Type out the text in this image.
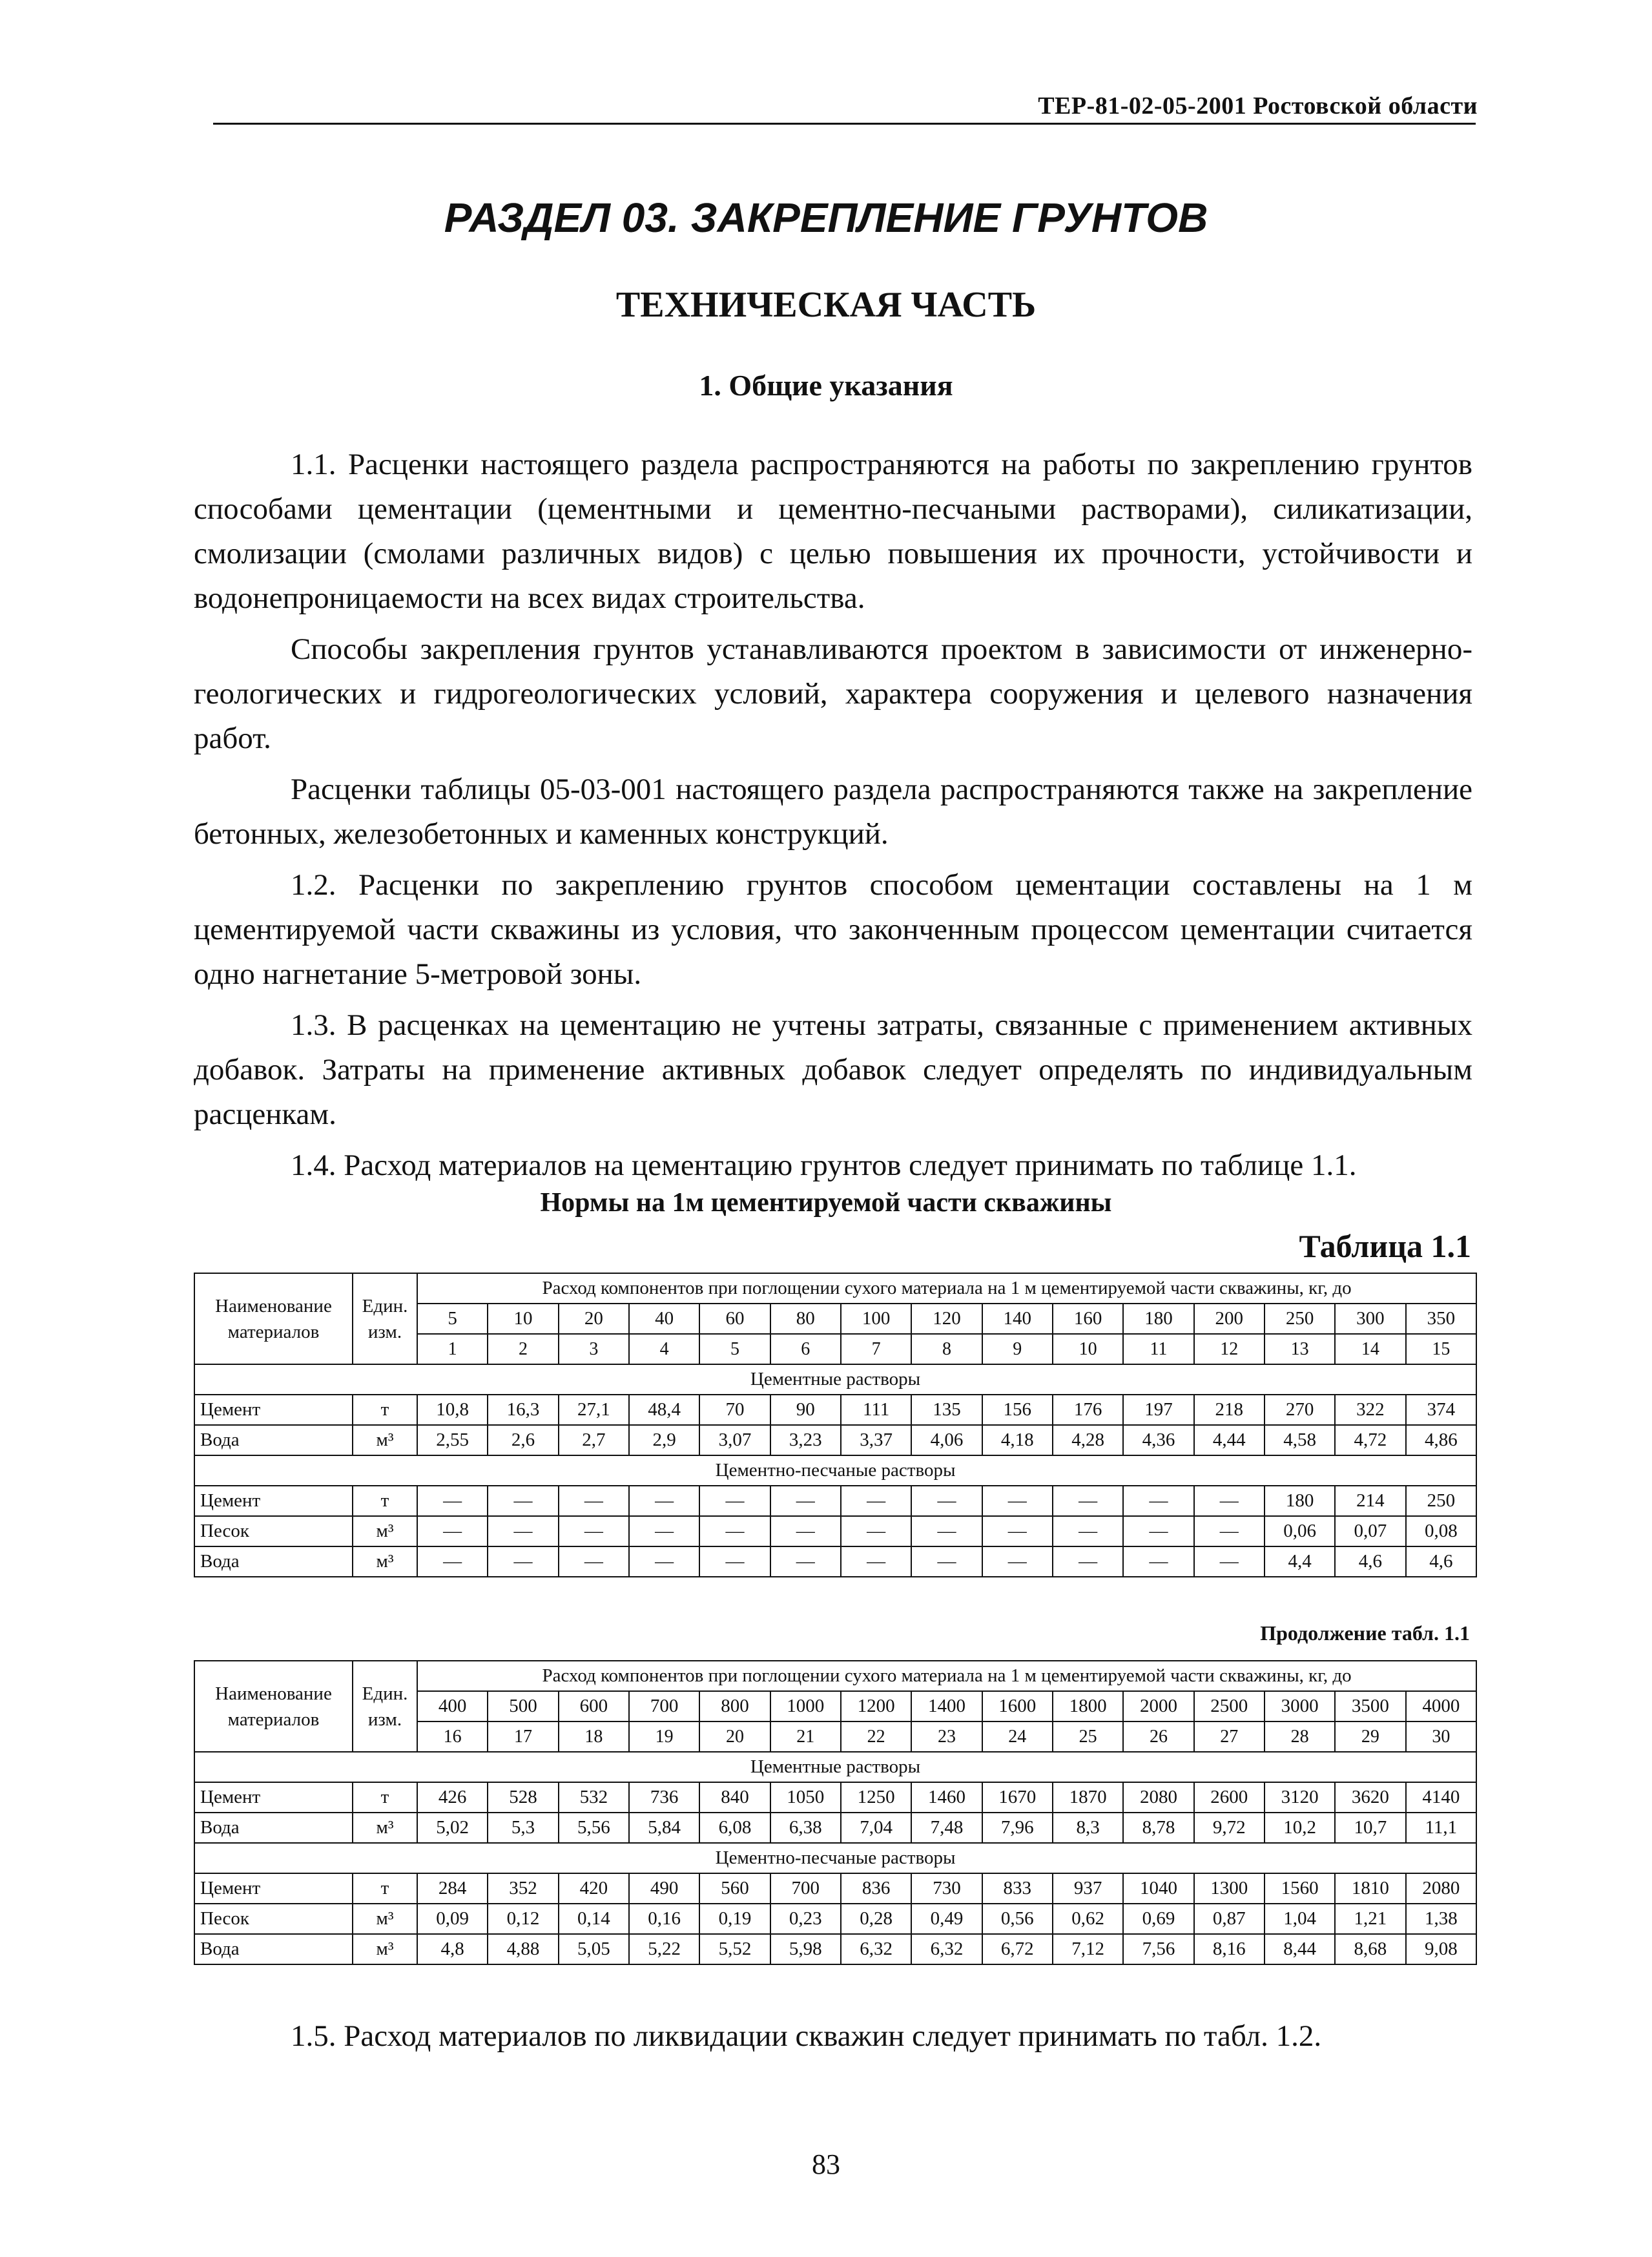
ТЕР-81-02-05-2001 Ростовской области
РАЗДЕЛ 03. ЗАКРЕПЛЕНИЕ ГРУНТОВ
ТЕХНИЧЕСКАЯ ЧАСТЬ
1. Общие указания

1.1. Расценки настоящего раздела распространяются на работы по закреплению грунтов способами цементации (цементными и цементно-песчаными растворами), силикатизации, смолизации (смолами различных видов) с целью повышения их прочности, устойчивости и водонепроницаемости на всех видах строительства.

Способы закрепления грунтов устанавливаются проектом в зависимости от инженерно-геологических и гидрогеологических условий, характера сооружения и целевого назначения работ.

Расценки таблицы 05-03-001 настоящего раздела распространяются также на закрепление бетонных, железобетонных и каменных конструкций.

1.2. Расценки по закреплению грунтов способом цементации составлены на 1 м цементируемой части скважины из условия, что законченным процессом цементации считается одно нагнетание 5-метровой зоны.

1.3. В расценках на цементацию не учтены затраты, связанные с применением активных добавок. Затраты на применение активных добавок следует определять по индивидуальным расценкам.

1.4. Расход материалов на цементацию грунтов следует принимать по таблице 1.1.

Нормы на 1м цементируемой части скважины
Таблица 1.1
Наименование материалов	Един. изм.	Расход компонентов при поглощении сухого материала на 1 м цементируемой части скважины, кг, до														
		5	10	20	40	60	80	100	120	140	160	180	200	250	300	350
		1	2	3	4	5	6	7	8	9	10	11	12	13	14	15
Цементные растворы																
Цемент	т	10,8	16,3	27,1	48,4	70	90	111	135	156	176	197	218	270	322	374
Вода	м³	2,55	2,6	2,7	2,9	3,07	3,23	3,37	4,06	4,18	4,28	4,36	4,44	4,58	4,72	4,86
Цементно-песчаные растворы																
Цемент	т	—	—	—	—	—	—	—	—	—	—	—	—	180	214	250
Песок	м³	—	—	—	—	—	—	—	—	—	—	—	—	0,06	0,07	0,08
Вода	м³	—	—	—	—	—	—	—	—	—	—	—	—	4,4	4,6	4,6
Продолжение табл. 1.1
Наименование материалов	Един. изм.	Расход компонентов при поглощении сухого материала на 1 м цементируемой части скважины, кг, до														
		400	500	600	700	800	1000	1200	1400	1600	1800	2000	2500	3000	3500	4000
		16	17	18	19	20	21	22	23	24	25	26	27	28	29	30
Цементные растворы																
Цемент	т	426	528	532	736	840	1050	1250	1460	1670	1870	2080	2600	3120	3620	4140
Вода	м³	5,02	5,3	5,56	5,84	6,08	6,38	7,04	7,48	7,96	8,3	8,78	9,72	10,2	10,7	11,1
Цементно-песчаные растворы																
Цемент	т	284	352	420	490	560	700	836	730	833	937	1040	1300	1560	1810	2080
Песок	м³	0,09	0,12	0,14	0,16	0,19	0,23	0,28	0,49	0,56	0,62	0,69	0,87	1,04	1,21	1,38
Вода	м³	4,8	4,88	5,05	5,22	5,52	5,98	6,32	6,32	6,72	7,12	7,56	8,16	8,44	8,68	9,08
1.5. Расход материалов по ликвидации скважин следует принимать по табл. 1.2.
83
